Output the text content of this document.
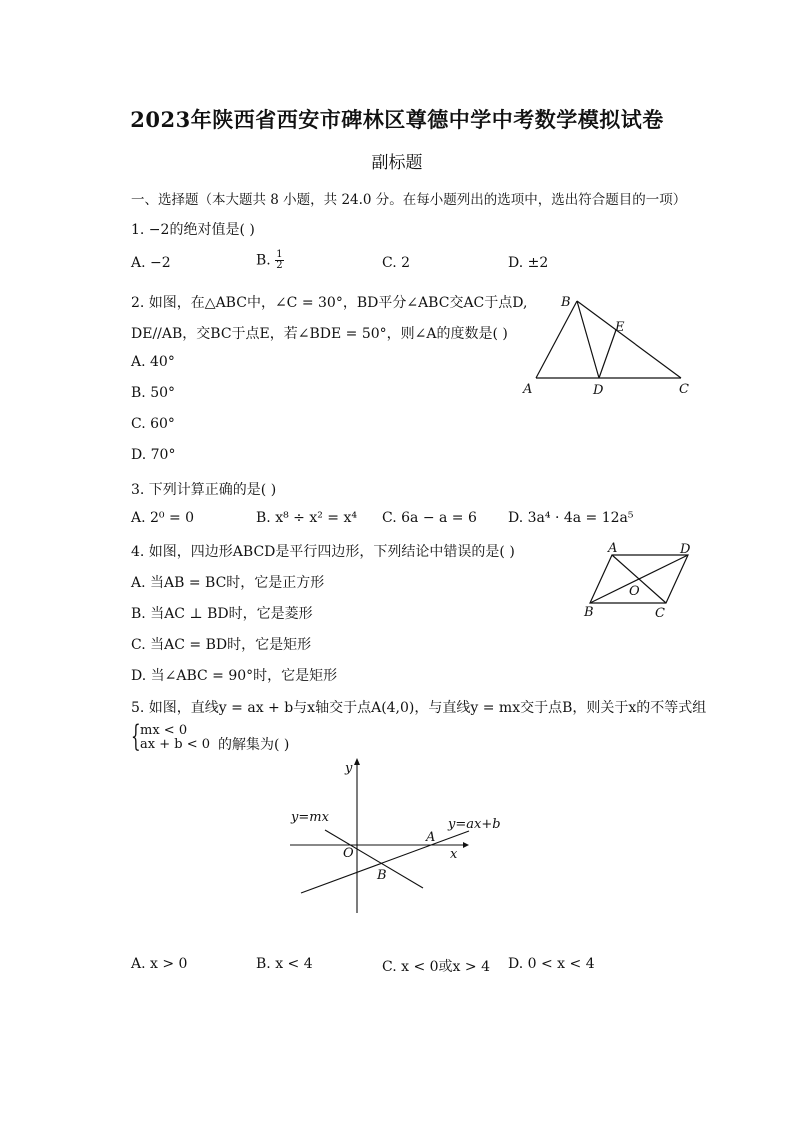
2023年陕西省西安市碑林区尊德中学中考数学模拟试卷
副标题
一、选择题（本大题共 8 小题，共 24.0 分。在每小题列出的选项中，选出符合题目的一项）
1. −2的绝对值是( )
A. −2	B. $\frac{1}{2}$	C. 2	D. ±2
2. 如图，在△ABC中，∠C = 30°，BD平分∠ABC交AC于点D,
DE//AB，交BC于点E，若∠BDE = 50°，则∠A的度数是( )
A. 40°
B. 50°
C. 60°
D. 70°
A
B
C
D
E
3. 下列计算正确的是( )
A. 2⁰ = 0	B. x⁸ ÷ x² = x⁴ C. 6a − a = 6 D. 3a⁴ · 4a = 12a⁵
4. 如图，四边形ABCD是平行四边形，下列结论中错误的是( )
A. 当AB = BC时，它是正方形
B. 当AC ⊥ BD时，它是菱形
C. 当AC = BD时，它是矩形
D. 当∠ABC = 90°时，它是矩形
A	D
B	C
O
5. 如图，直线y = ax + b与x轴交于点A(4,0)，与直线y = mx交于点B，则关于x的不等式组
{ mx < 0
ax + b < 0 的解集为( )
y
x
O
A
B
y=mx	y=ax+b
A. x > 0	B. x < 4	C. x < 0或x > 4 D. 0 < x < 4
